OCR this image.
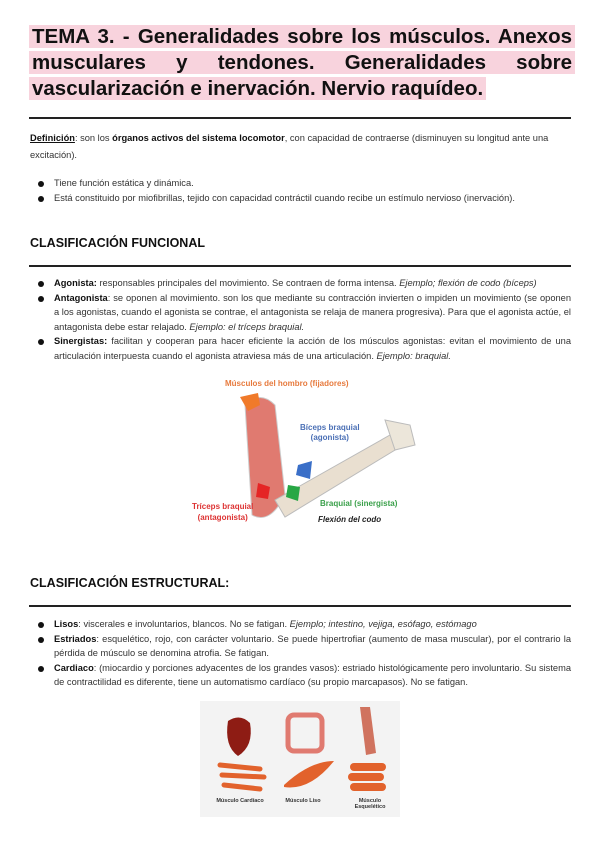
TEMA 3. - Generalidades sobre los músculos. Anexos musculares y tendones. Generalidades sobre vascularización e inervación. Nervio raquídeo.
Definición: son los órganos activos del sistema locomotor, con capacidad de contraerse (disminuyen su longitud ante una excitación).
Tiene función estática y dinámica.
Está constituido por miofibrillas, tejido con capacidad contráctil cuando recibe un estímulo nervioso (inervación).
CLASIFICACIÓN FUNCIONAL
Agonista: responsables principales del movimiento. Se contraen de forma intensa. Ejemplo; flexión de codo (bíceps)
Antagonista: se oponen al movimiento. son los que mediante su contracción invierten o impiden un movimiento (se oponen a los agonistas, cuando el agonista se contrae, el antagonista se relaja de manera progresiva). Para que el agonista actúe, el antagonista debe estar relajado. Ejemplo: el tríceps braquial.
Sinergistas: facilitan y cooperan para hacer eficiente la acción de los músculos agonistas: evitan el movimiento de una articulación interpuesta cuando el agonista atraviesa más de una articulación. Ejemplo: braquial.
Músculos del hombro (fijadores)
Bíceps braquial
(agonista)
Tríceps braquial
(antagonista)
Braquial (sinergista)
Flexión del codo
CLASIFICACIÓN ESTRUCTURAL:
Lisos: viscerales e involuntarios, blancos. No se fatigan. Ejemplo; intestino, vejiga, esófago, estómago
Estriados: esquelético, rojo, con carácter voluntario. Se puede hipertrofiar (aumento de masa muscular), por el contrario la pérdida de músculo se denomina atrofia. Se fatigan.
Cardiaco: (miocardio y porciones adyacentes de los grandes vasos): estriado histológicamente pero involuntario. Su sistema de contractilidad es diferente, tiene un automatismo cardíaco (su propio marcapasos). No se fatigan.
Músculo Cardíaco	Músculo Liso	Músculo Esquelético
